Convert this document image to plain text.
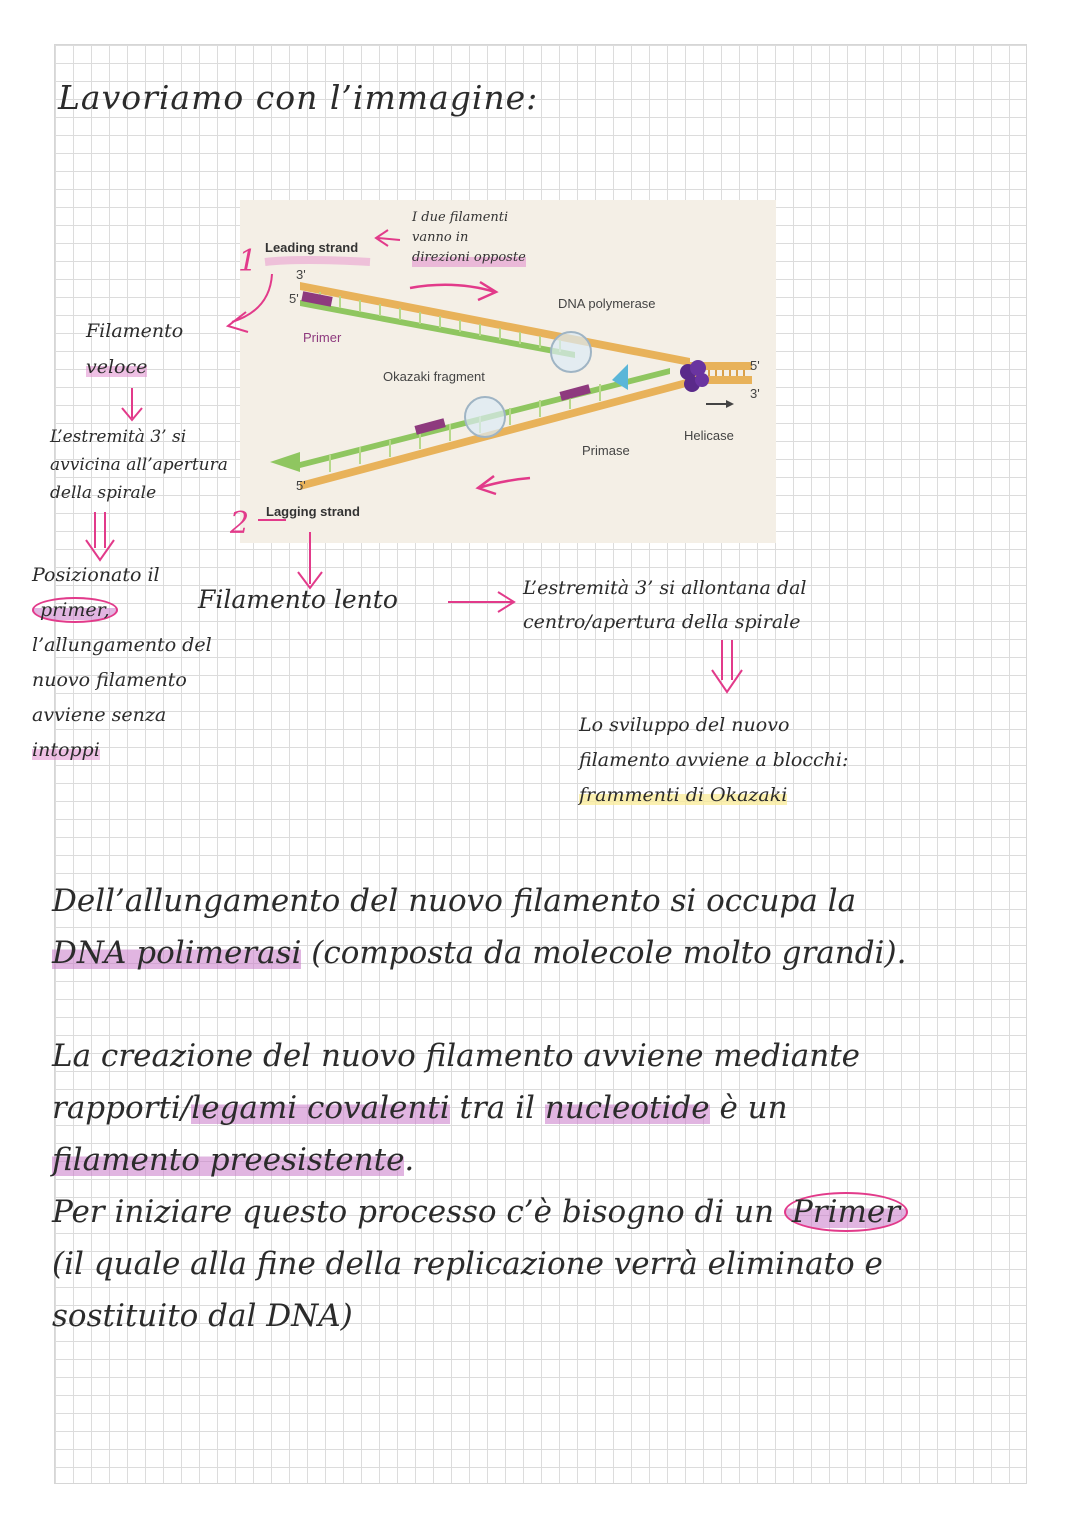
Lavoriamo con l’immagine:
Leading strand
3'
5'
Primer
DNA polymerase
Okazaki fragment
Primase
Helicase
5'
3'
5'
Lagging strand
I due filamenti
vanno in
direzioni opposte
1
2
Filamento
veloce
L’estremità 3’ si
avvicina all’apertura
della spirale
Posizionato il
primer,
l’allungamento del
nuovo filamento
avviene senza
intoppi
Filamento lento	L’estremità 3’ si allontana dal
centro/apertura della spirale
Lo sviluppo del nuovo
filamento avviene a blocchi:
frammenti di Okazaki
Dell’allungamento del nuovo filamento si occupa la
DNA polimerasi (composta da molecole molto grandi).
La creazione del nuovo filamento avviene mediante
rapporti/legami covalenti tra il nucleotide è un
filamento preesistente.
Per iniziare questo processo c’è bisogno di un Primer
(il quale alla fine della replicazione verrà eliminato e
sostituito dal DNA)
